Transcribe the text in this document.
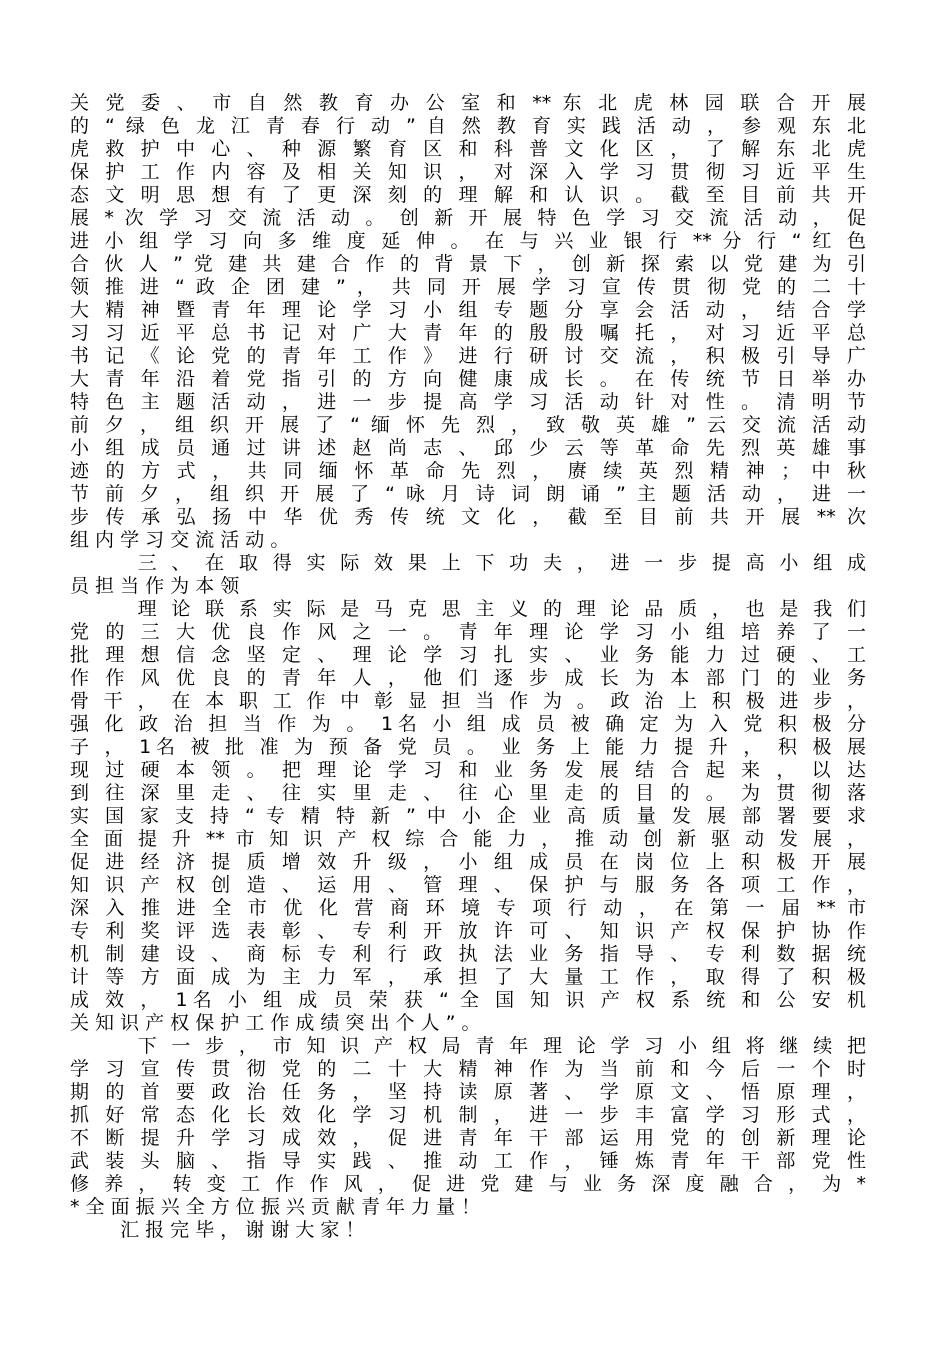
关 党 委 、 市 自 然 教 育 办 公 室 和 ** 东 北 虎 林 园 联 合 开 展
的 “ 绿 色 龙 江 青 春 行 动 ” 自 然 教 育 实 践 活 动 ， 参 观 东 北
虎 救 护 中 心 、 种 源 繁 育 区 和 科 普 文 化 区 ， 了 解 东 北 虎
保 护 工 作 内 容 及 相 关 知 识 ， 对 深 入 学 习 贯 彻 习 近 平 生
态 文 明 思 想 有 了 更 深 刻 的 理 解 和 认 识 。 截 至 目 前 共 开
展 * 次 学 习 交 流 活 动 。 创 新 开 展 特 色 学 习 交 流 活 动 ， 促
进 小 组 学 习 向 多 维 度 延 伸 。 在 与 兴 业 银 行 ** 分 行 “ 红 色
合 伙 人 ” 党 建 共 建 合 作 的 背 景 下 ， 创 新 探 索 以 党 建 为 引
领 推 进 “ 政 企 团 建 ” ， 共 同 开 展 学 习 宣 传 贯 彻 党 的 二 十
大 精 神 暨 青 年 理 论 学 习 小 组 专 题 分 享 会 活 动 ， 结 合 学
习 习 近 平 总 书 记 对 广 大 青 年 的 殷 殷 嘱 托 ， 对 习 近 平 总
书 记 《 论 党 的 青 年 工 作 》 进 行 研 讨 交 流 ， 积 极 引 导 广
大 青 年 沿 着 党 指 引 的 方 向 健 康 成 长 。 在 传 统 节 日 举 办
特 色 主 题 活 动 ， 进 一 步 提 高 学 习 活 动 针 对 性 。 清 明 节
前 夕 ， 组 织 开 展 了 “ 缅 怀 先 烈 ， 致 敬 英 雄 ” 云 交 流 活 动
小 组 成 员 通 过 讲 述 赵 尚 志 、 邱 少 云 等 革 命 先 烈 英 雄 事
迹 的 方 式 ， 共 同 缅 怀 革 命 先 烈 ， 赓 续 英 烈 精 神 ； 中 秋
节 前 夕 ， 组 织 开 展 了 “ 咏 月 诗 词 朗 诵 ” 主 题 活 动 ， 进 一
步 传 承 弘 扬 中 华 优 秀 传 统 文 化 ， 截 至 目 前 共 开 展 ** 次
组 内 学 习 交 流 活 动 。
　 　 三 、 在 取 得 实 际 效 果 上 下 功 夫 ， 进 一 步 提 高 小 组 成
员 担 当 作 为 本 领
　 　 理 论 联 系 实 际 是 马 克 思 主 义 的 理 论 品 质 ， 也 是 我 们
党 的 三 大 优 良 作 风 之 一 。 青 年 理 论 学 习 小 组 培 养 了 一
批 理 想 信 念 坚 定 、 理 论 学 习 扎 实 、 业 务 能 力 过 硬 、 工
作 作 风 优 良 的 青 年 人 ， 他 们 逐 步 成 长 为 本 部 门 的 业 务
骨 干 ， 在 本 职 工 作 中 彰 显 担 当 作 为 。 政 治 上 积 极 进 步 ，
强 化 政 治 担 当 作 为 。 1名 小 组 成 员 被 确 定 为 入 党 积 极 分
子 ， 1名 被 批 准 为 预 备 党 员 。 业 务 上 能 力 提 升 ， 积 极 展
现 过 硬 本 领 。 把 理 论 学 习 和 业 务 发 展 结 合 起 来 ， 以 达
到 往 深 里 走 、 往 实 里 走 、 往 心 里 走 的 目 的 。 为 贯 彻 落
实 国 家 支 持 “ 专 精 特 新 ” 中 小 企 业 高 质 量 发 展 部 署 要 求
全 面 提 升 ** 市 知 识 产 权 综 合 能 力 ， 推 动 创 新 驱 动 发 展 ，
促 进 经 济 提 质 增 效 升 级 ， 小 组 成 员 在 岗 位 上 积 极 开 展
知 识 产 权 创 造 、 运 用 、 管 理 、 保 护 与 服 务 各 项 工 作 ，
深 入 推 进 全 市 优 化 营 商 环 境 专 项 行 动 ， 在 第 一 届 ** 市
专 利 奖 评 选 表 彰 、 专 利 开 放 许 可 、 知 识 产 权 保 护 协 作
机 制 建 设 、 商 标 专 利 行 政 执 法 业 务 指 导 、 专 利 数 据 统
计 等 方 面 成 为 主 力 军 ， 承 担 了 大 量 工 作 ， 取 得 了 积 极
成 效 ， 1名 小 组 成 员 荣 获 “ 全 国 知 识 产 权 系 统 和 公 安 机
关 知 识 产 权 保 护 工 作 成 绩 突 出 个 人 ” 。
　 　 下 一 步 ， 市 知 识 产 权 局 青 年 理 论 学 习 小 组 将 继 续 把
学 习 宣 传 贯 彻 党 的 二 十 大 精 神 作 为 当 前 和 今 后 一 个 时
期 的 首 要 政 治 任 务 ， 坚 持 读 原 著 、 学 原 文 、 悟 原 理 ，
抓 好 常 态 化 长 效 化 学 习 机 制 ， 进 一 步 丰 富 学 习 形 式 ，
不 断 提 升 学 习 成 效 ， 促 进 青 年 干 部 运 用 党 的 创 新 理 论
武 装 头 脑 、 指 导 实 践 、 推 动 工 作 ， 锤 炼 青 年 干 部 党 性
修 养 ， 转 变 工 作 作 风 ， 促 进 党 建 与 业 务 深 度 融 合 ， 为 *
* 全 面 振 兴 全 方 位 振 兴 贡 献 青 年 力 量 ！
　 　 汇 报 完 毕 ， 谢 谢 大 家 ！
